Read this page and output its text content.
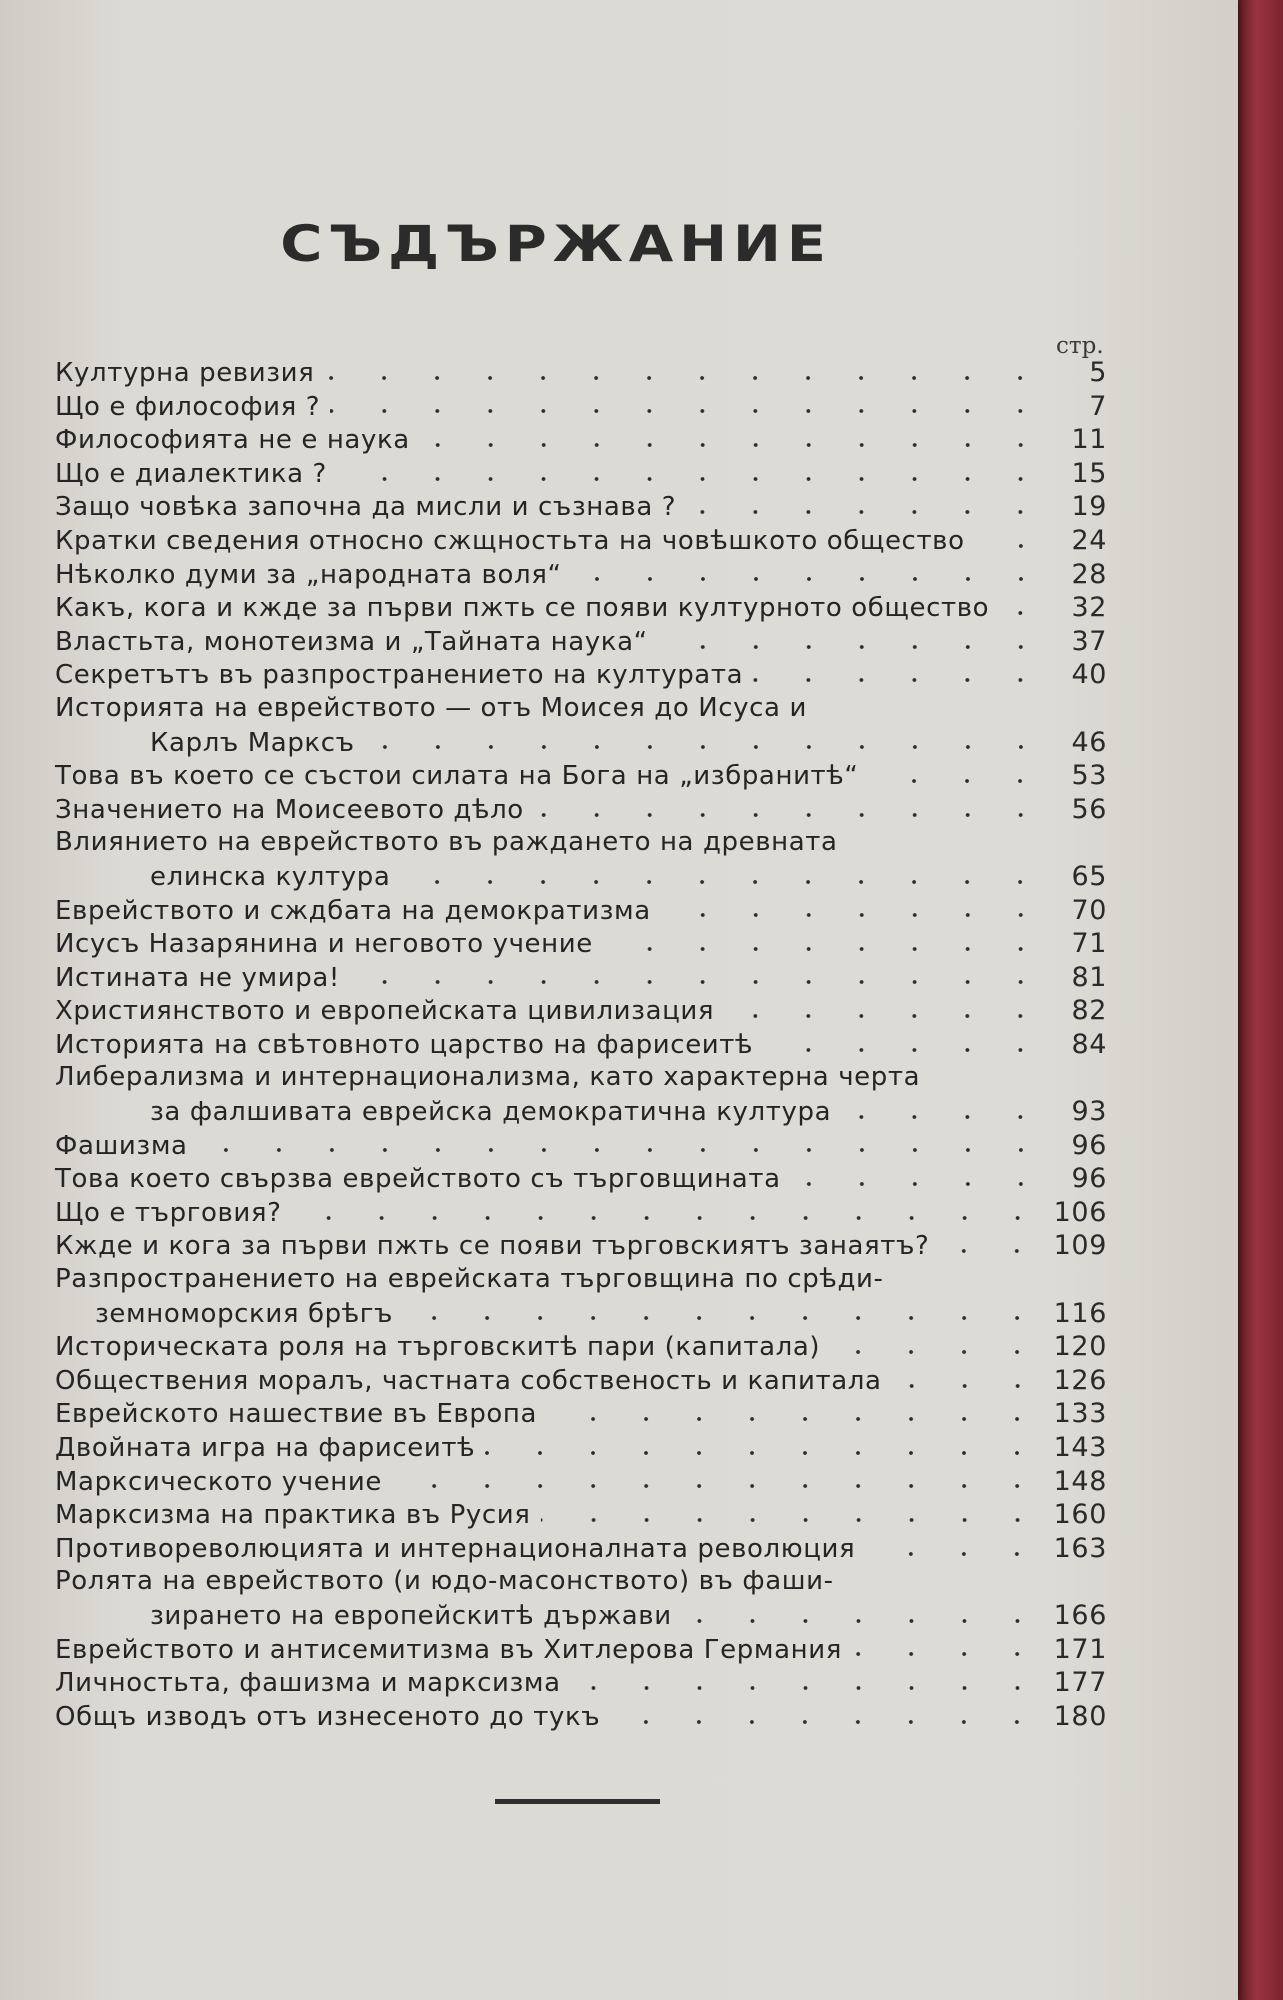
СЪДЪРЖАНИЕ
стр.
Културна ревизия	5
Що е философия ?	7
Философията не е наука	11
Що е диалектика ?	15
Защо човѣка започна да мисли и съзнава ?	19
Кратки сведения относно сжщностьта на човѣшкото общество	24
Нѣколко думи за „народната воля“	28
Какъ, кога и кжде за първи пжть се появи културното общество	32
Властьта, монотеизма и „Тайната наука“	37
Секретътъ въ разпространението на културата	40
Историята на еврейството — отъ Моисея до Исуса и
Карлъ Марксъ	46
Това въ което се състои силата на Бога на „избранитѣ“	53
Значението на Моисеевото дѣло	56
Влиянието на еврейството въ раждането на древната
елинска култура	65
Еврейството и сждбата на демократизма	70
Исусъ Назарянина и неговото учение	71
Истината не умира!	81
Християнството и европейската цивилизация	82
Историята на свѣтовното царство на фарисеитѣ	84
Либерализма и интернационализма, като характерна черта
за фалшивата еврейска демократична култура	93
Фашизма	96
Това което свързва еврейството съ търговщината	96
Що е търговия?	106
Кжде и кога за първи пжть се появи търговскиятъ занаятъ?	109
Разпространението на еврейската търговщина по срѣди-
земноморския брѣгъ	116
Историческата роля на търговскитѣ пари (капитала)	120
Обществения моралъ, частната собственость и капитала	126
Еврейското нашествие въ Европа	133
Двойната игра на фарисеитѣ	143
Марксическото учение	148
Марксизма на практика въ Русия	160
Противореволюцията и интернационалната революция	163
Ролята на еврейството (и юдо-масонството) въ фаши-
зирането на европейскитѣ държави	166
Еврейството и антисемитизма въ Хитлерова Германия	171
Личностьта, фашизма и марксизма	177
Общъ изводъ отъ изнесеното до тукъ	180
